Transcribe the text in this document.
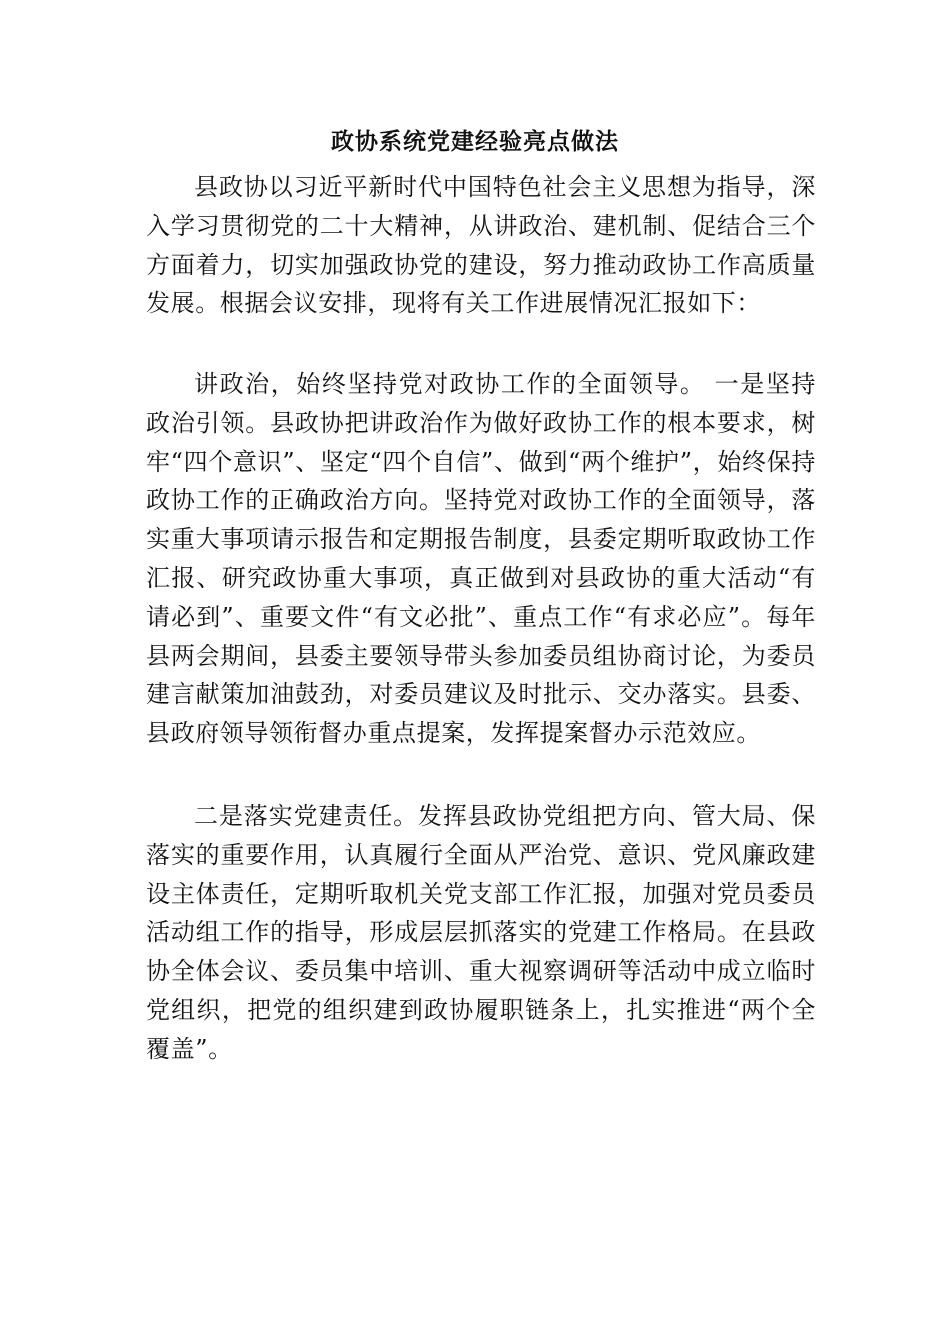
政协系统党建经验亮点做法

县政协以习近平新时代中国特色社会主义思想为指导，深入学习贯彻党的二十大精神，从讲政治、建机制、促结合三个方面着力，切实加强政协党的建设，努力推动政协工作高质量发展。根据会议安排，现将有关工作进展情况汇报如下：

讲政治，始终坚持党对政协工作的全面领导。 一是坚持政治引领。县政协把讲政治作为做好政协工作的根本要求，树牢“四个意识”、坚定“四个自信”、做到“两个维护”，始终保持政协工作的正确政治方向。坚持党对政协工作的全面领导，落实重大事项请示报告和定期报告制度，县委定期听取政协工作汇报、研究政协重大事项，真正做到对县政协的重大活动“有请必到”、重要文件“有文必批”、重点工作“有求必应”。每年县两会期间，县委主要领导带头参加委员组协商讨论，为委员建言献策加油鼓劲，对委员建议及时批示、交办落实。县委、县政府领导领衔督办重点提案，发挥提案督办示范效应。

二是落实党建责任。发挥县政协党组把方向、管大局、保落实的重要作用，认真履行全面从严治党、意识、党风廉政建设主体责任，定期听取机关党支部工作汇报，加强对党员委员活动组工作的指导，形成层层抓落实的党建工作格局。在县政协全体会议、委员集中培训、重大视察调研等活动中成立临时党组织，把党的组织建到政协履职链条上，扎实推进“两个全覆盖”。
